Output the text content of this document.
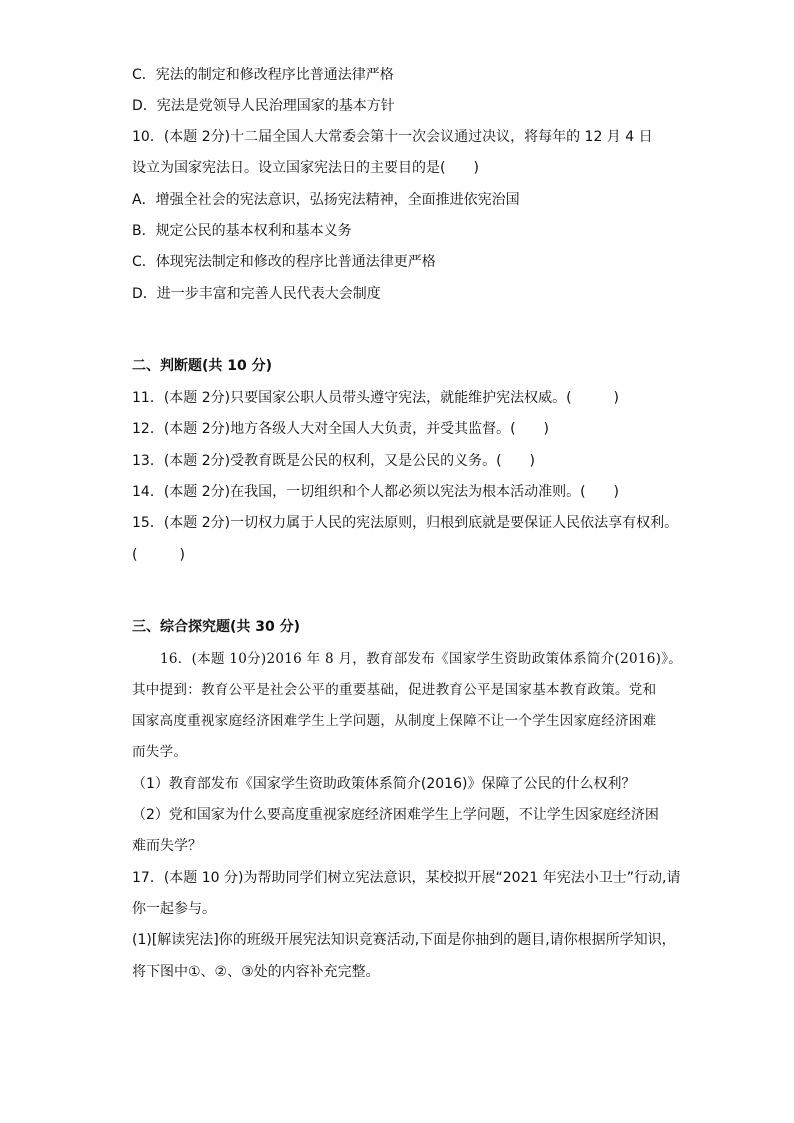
C．宪法的制定和修改程序比普通法律严格
D．宪法是党领导人民治理国家的基本方针
10．(本题 2分)十二届全国人大常委会第十一次会议通过决议，将每年的 12 月 4 日
设立为国家宪法日。设立国家宪法日的主要目的是(　　)
A．增强全社会的宪法意识，弘扬宪法精神，全面推进依宪治国
B．规定公民的基本权利和基本义务
C．体现宪法制定和修改的程序比普通法律更严格
D．进一步丰富和完善人民代表大会制度
二、判断题(共 10 分)
11．(本题 2分)只要国家公职人员带头遵守宪法，就能维护宪法权威。(　　　)
12．(本题 2分)地方各级人大对全国人大负责，并受其监督。(　　)
13．(本题 2分)受教育既是公民的权利，又是公民的义务。(　　)
14．(本题 2分)在我国，一切组织和个人都必须以宪法为根本活动准则。(　　)
15．(本题 2分)一切权力属于人民的宪法原则，归根到底就是要保证人民依法享有权利。
(　　　)
三、综合探究题(共 30 分)
16．(本题 10分)2016 年 8 月，教育部发布《国家学生资助政策体系简介(2016)》。
其中提到：教育公平是社会公平的重要基础，促进教育公平是国家基本教育政策。党和
国家高度重视家庭经济困难学生上学问题，从制度上保障不让一个学生因家庭经济困难
而失学。
（1）教育部发布《国家学生资助政策体系简介(2016)》保障了公民的什么权利？
（2）党和国家为什么要高度重视家庭经济困难学生上学问题，不让学生因家庭经济困
难而失学？
17．(本题 10 分)为帮助同学们树立宪法意识，某校拟开展“2021 年宪法小卫士”行动,请
你一起参与。
(1)[解读宪法]你的班级开展宪法知识竞赛活动,下面是你抽到的题目,请你根据所学知识，
将下图中①、②、③处的内容补充完整。
